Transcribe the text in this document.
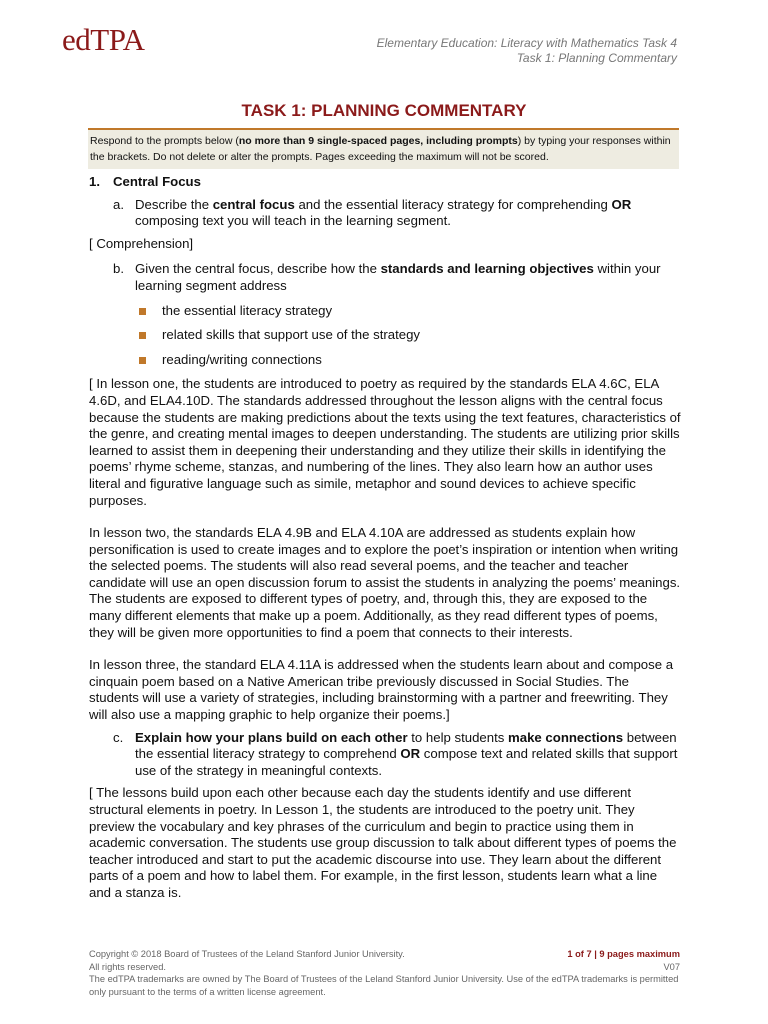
edTPA	Elementary Education: Literacy with Mathematics Task 4
Task 1: Planning Commentary
TASK 1: PLANNING COMMENTARY
Respond to the prompts below (no more than 9 single-spaced pages, including prompts) by typing your responses within the brackets. Do not delete or alter the prompts. Pages exceeding the maximum will not be scored.
1. Central Focus
a. Describe the central focus and the essential literacy strategy for comprehending OR composing text you will teach in the learning segment.

[ Comprehension]

b. Given the central focus, describe how the standards and learning objectives within your learning segment address
the essential literacy strategy
related skills that support use of the strategy
reading/writing connections

[ In lesson one, the students are introduced to poetry as required by the standards ELA 4.6C, ELA 4.6D, and ELA4.10D. The standards addressed throughout the lesson aligns with the central focus because the students are making predictions about the texts using the text features, characteristics of the genre, and creating mental images to deepen understanding. The students are utilizing prior skills learned to assist them in deepening their understanding and they utilize their skills in identifying the poems’ rhyme scheme, stanzas, and numbering of the lines. They also learn how an author uses literal and figurative language such as simile, metaphor and sound devices to achieve specific purposes.

In lesson two, the standards ELA 4.9B and ELA 4.10A are addressed as students explain how personification is used to create images and to explore the poet’s inspiration or intention when writing the selected poems. The students will also read several poems, and the teacher and teacher candidate will use an open discussion forum to assist the students in analyzing the poems’ meanings. The students are exposed to different types of poetry, and, through this, they are exposed to the many different elements that make up a poem. Additionally, as they read different types of poems, they will be given more opportunities to find a poem that connects to their interests.

In lesson three, the standard ELA 4.11A is addressed when the students learn about and compose a cinquain poem based on a Native American tribe previously discussed in Social Studies. The students will use a variety of strategies, including brainstorming with a partner and freewriting. They will also use a mapping graphic to help organize their poems.]

c. Explain how your plans build on each other to help students make connections between the essential literacy strategy to comprehend OR compose text and related skills that support use of the strategy in meaningful contexts.

[ The lessons build upon each other because each day the students identify and use different structural elements in poetry. In Lesson 1, the students are introduced to the poetry unit. They preview the vocabulary and key phrases of the curriculum and begin to practice using them in academic conversation. The students use group discussion to talk about different types of poems the teacher introduced and start to put the academic discourse into use. They learn about the different parts of a poem and how to label them. For example, in the first lesson, students learn what a line and a stanza is.

Copyright © 2018 Board of Trustees of the Leland Stanford Junior University.
All rights reserved.
The edTPA trademarks are owned by The Board of Trustees of the Leland Stanford Junior University. Use of the edTPA trademarks is permitted only pursuant to the terms of a written license agreement.
1 of 7 | 9 pages maximum
V07
